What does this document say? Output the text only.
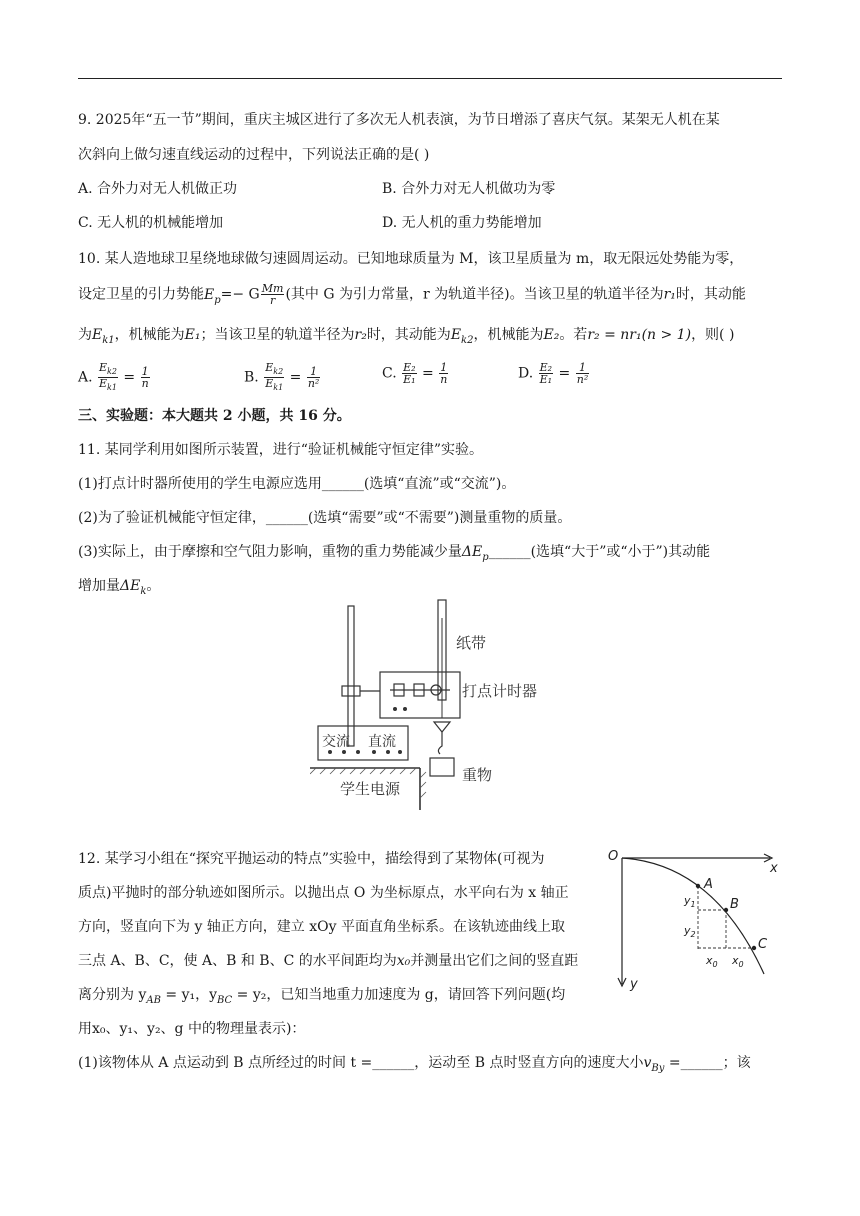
9. 2025年“五一节”期间，重庆主城区进行了多次无人机表演，为节日增添了喜庆气氛。某架无人机在某
次斜向上做匀速直线运动的过程中，下列说法正确的是( )
A. 合外力对无人机做正功	B. 合外力对无人机做功为零
C. 无人机的机械能增加	D. 无人机的重力势能增加
10. 某人造地球卫星绕地球做匀速圆周运动。已知地球质量为 M，该卫星质量为 m，取无限远处势能为零，
设定卫星的引力势能$E_p=- G \frac{Mm}{r}$ (其中 G 为引力常量，r 为轨道半径)。当该卫星的轨道半径为r₁时，其动能
为$E_{k1}$，机械能为E₁；当该卫星的轨道半径为r₂时，其动能为$E_{k2}$，机械能为E₂。若r₂ = nr₁(n > 1)，则( )
A. $\frac{E_{k2}}{E_{k1}} = \frac{1}{n}$	B. $\frac{E_{k2}}{E_{k1}} = \frac{1}{\text{n²}}$	C. $\frac{\text{E₂}}{\text{E₁}} = \frac{1}{n}$	D. $\frac{\text{E₂}}{\text{E₁}} = \frac{1}{\text{n²}}$
三、实验题：本大题共 2 小题，共 16 分。
11. 某同学利用如图所示装置，进行“验证机械能守恒定律”实验。
(1)打点计时器所使用的学生电源应选用______(选填“直流”或“交流”)。
(2)为了验证机械能守恒定律，______(选填“需要”或“不需要”)测量重物的质量。
(3)实际上，由于摩擦和空气阻力影响，重物的重力势能减少量$\Delta E_p\_\_\_\_\_\_$(选填“大于”或“小于”)其动能
增加量$\Delta E_k$。
纸带
打点计时器
交流 直流
学生电源
重物
12. 某学习小组在“探究平抛运动的特点”实验中，描绘得到了某物体(可视为
质点)平抛时的部分轨迹如图所示。以抛出点 O 为坐标原点，水平向右为 x 轴正
方向，竖直向下为 y 轴正方向，建立 xOy 平面直角坐标系。在该轨迹曲线上取
三点 A、B、C，使 A、B 和 B、C 的水平间距均为x₀并测量出它们之间的竖直距
离分别为 $y_{AB} = y_1$，$y_{BC} = y_2$，已知当地重力加速度为 g，请回答下列问题(均
用x₀、y₁、y₂、g 中的物理量表示)：
(1)该物体从 A 点运动到 B 点所经过的时间 t =______，运动至 B 点时竖直方向的速度大小$v_{By}$ =______；该
O
x
y
A
B
C
$y_1$
$y_2$
$x_0$ $x_0$
